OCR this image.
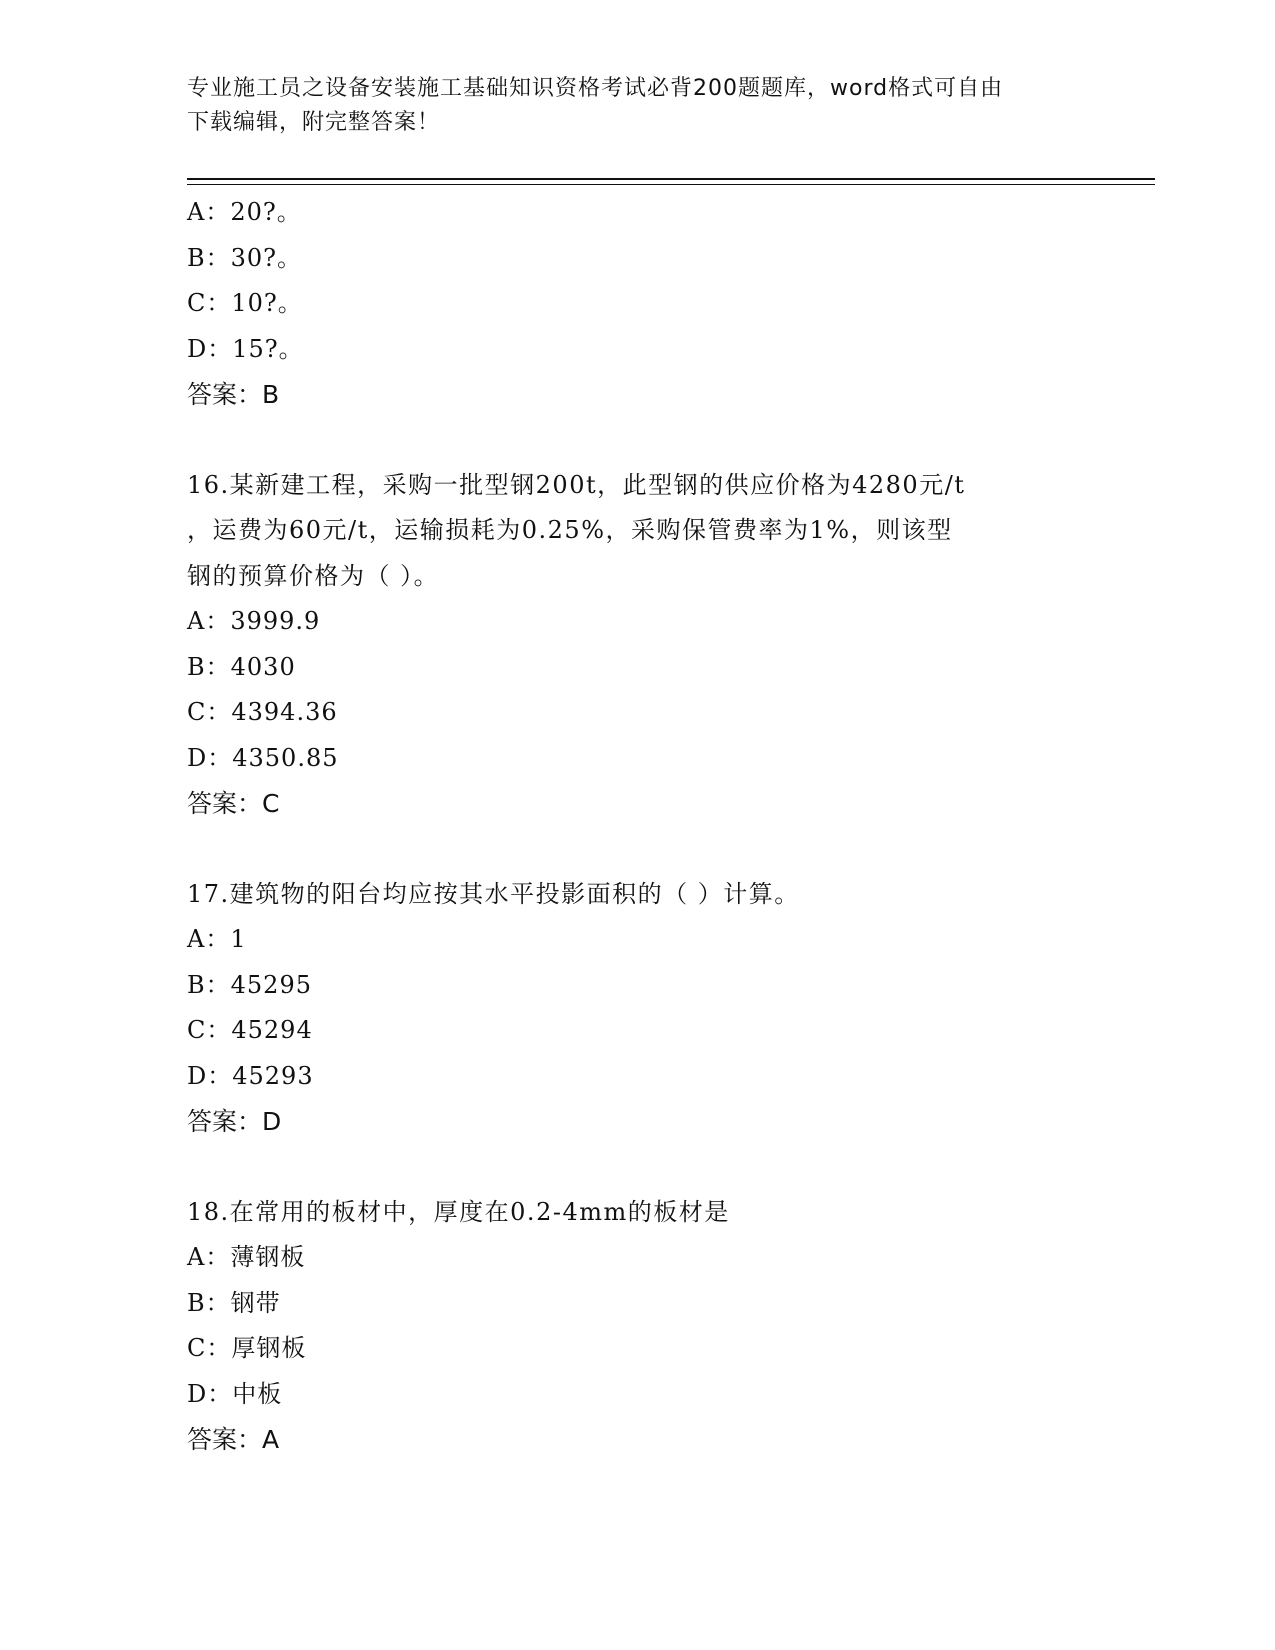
专业施工员之设备安装施工基础知识资格考试必背200题题库，word格式可自由
下载编辑，附完整答案！
A：20?。
B：30?。
C：10?。
D：15?。
答案：B
16.某新建工程，采购一批型钢200t，此型钢的供应价格为4280元/t
，运费为60元/t，运输损耗为0.25%，采购保管费率为1%，则该型
钢的预算价格为（ ）。
A：3999.9
B：4030
C：4394.36
D：4350.85
答案：C
17.建筑物的阳台均应按其水平投影面积的（ ）计算。
A：1
B：45295
C：45294
D：45293
答案：D
18.在常用的板材中，厚度在0.2-4mm的板材是
A：薄钢板
B：钢带
C：厚钢板
D：中板
答案：A
